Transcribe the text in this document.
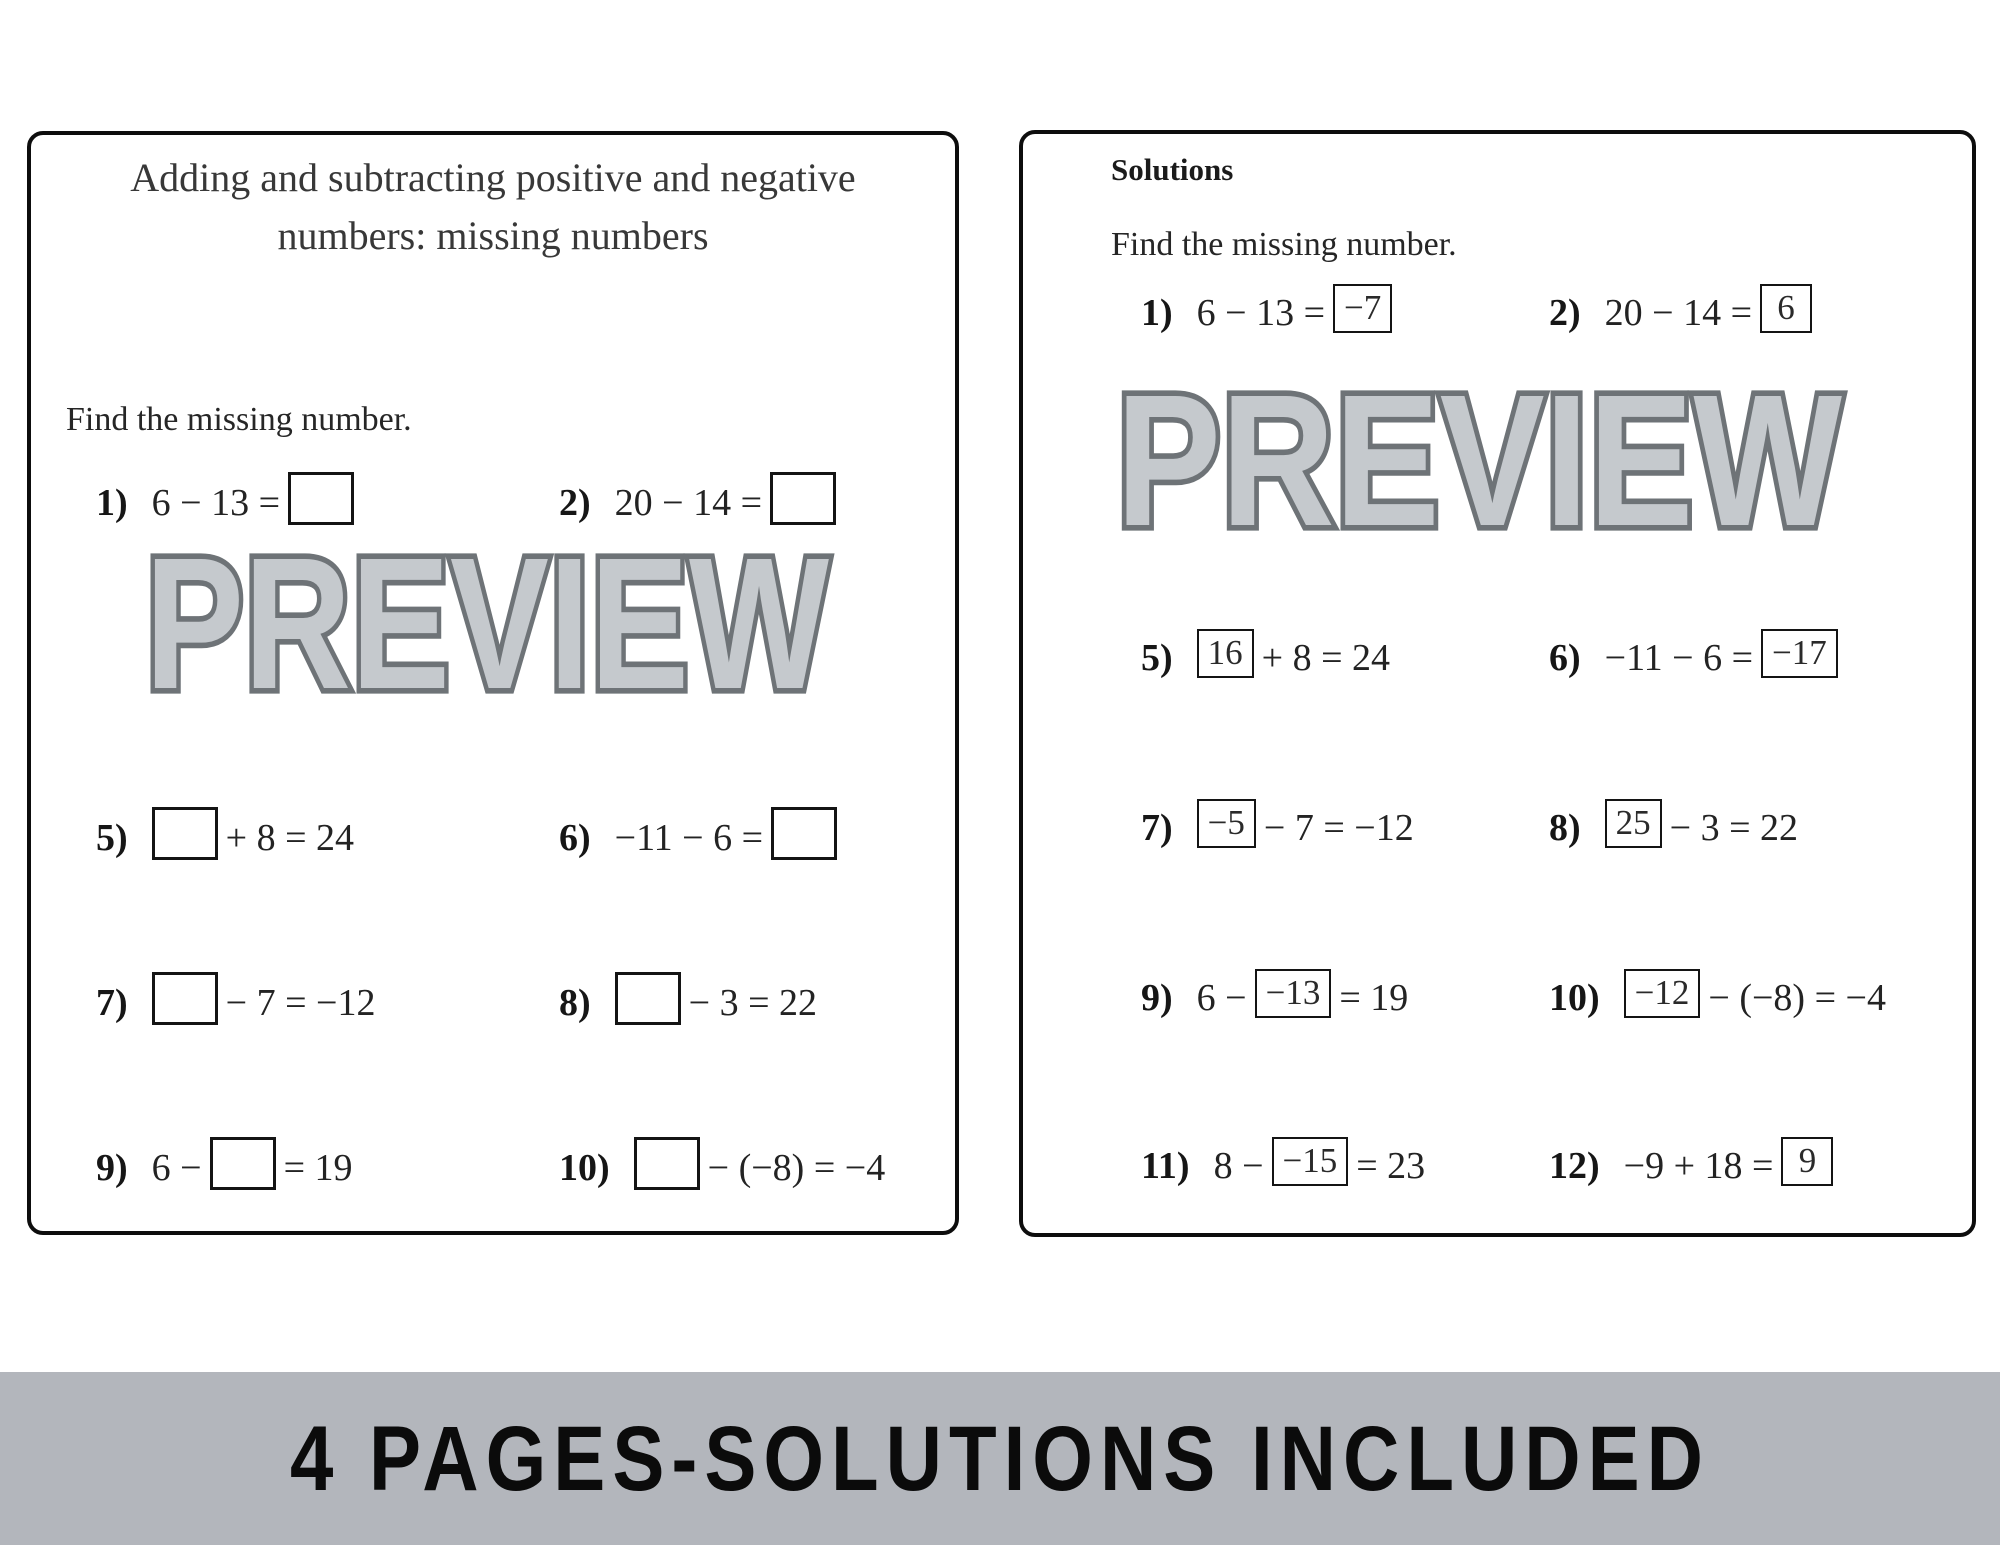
Adding and subtracting positive and negative
numbers: missing numbers
Find the missing number.
1) 6 − 13 =	2) 20 − 14 =
PREVIEW
5)	+ 8 = 24	6) −11 − 6 =
7)	− 7 = −12	8)	− 3 = 22
9) 6 − = 19	10)	− (−8) = −4
Solutions
Find the missing number.
1) 6 − 13 = −7	2) 20 − 14 = 6
PREVIEW
5)	16 + 8 = 24	6) −11 − 6 = −17
7)	−5 − 7 = −12	8)	25 − 3 = 22
9) 6 − −13 = 19	10)	−12 − (−8) = −4
11) 8 − −15 = 23	12) −9 + 18 = 9
4 PAGES-SOLUTIONS INCLUDED
